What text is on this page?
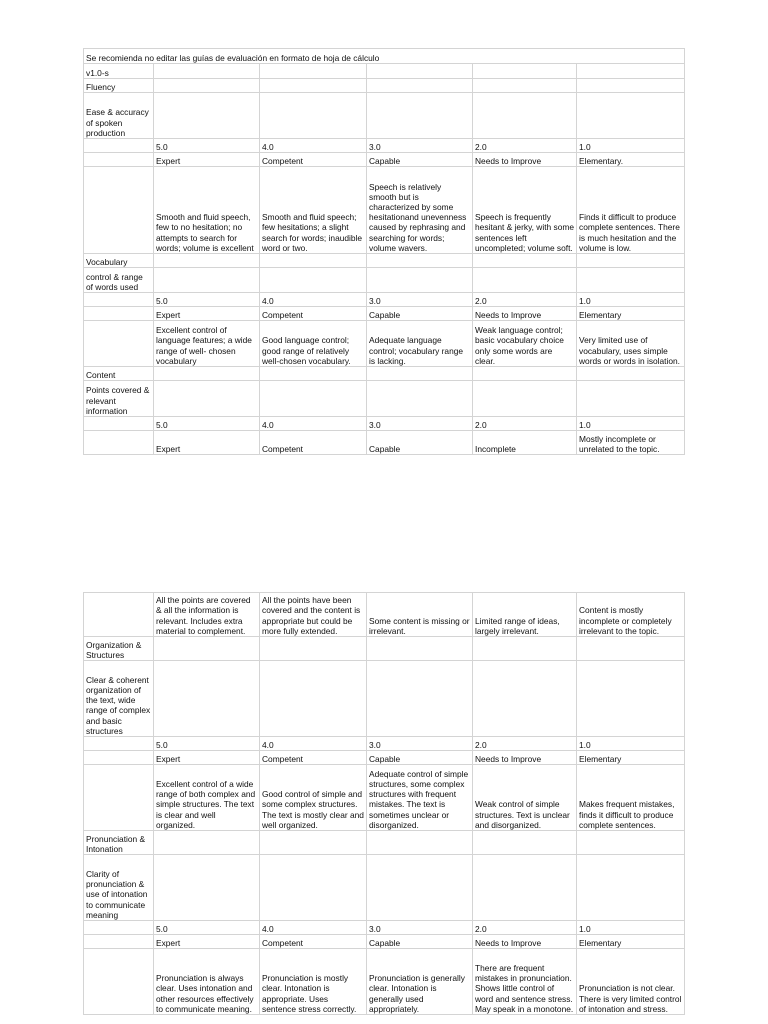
Se recomienda no editar las guías de evaluación en formato de hoja de cálculo					
v1.0-s					
Fluency					
Ease & accuracy of spoken production					
	5.0	4.0	3.0	2.0	1.0
	Expert	Competent	Capable	Needs to Improve	Elementary.
	Smooth and fluid speech, few to no hesitation; no attempts to search for words; volume is excellent	Smooth and fluid speech; few hesitations; a slight search for words; inaudible word or two.	Speech is relatively smooth but is characterized by some hesitationand unevenness caused by rephrasing and searching for words; volume wavers.	Speech is frequently hesitant & jerky, with some sentences left uncompleted; volume soft.	Finds it difficult to produce complete sentences. There is much hesitation and the volume is low.
Vocabulary					
control & range of words used					
	5.0	4.0	3.0	2.0	1.0
	Expert	Competent	Capable	Needs to Improve	Elementary
	Excellent control of language features; a wide range of well- chosen vocabulary	Good language control; good range of relatively well-chosen vocabulary.	Adequate language control; vocabulary range is lacking.	Weak language control; basic vocabulary choice only some words are clear.	Very limited use of vocabulary, uses simple words or words in isolation.
Content					
Points covered & relevant information					
	5.0	4.0	3.0	2.0	1.0
	Expert	Competent	Capable	Incomplete	Mostly incomplete or unrelated to the topic.
	All the points are covered & all the information is relevant. Includes extra material to complement.	All the points have been covered and the content is appropriate but could be more fully extended.	Some content is missing or irrelevant.	Limited range of ideas, largely irrelevant.	Content is mostly incomplete or completely irrelevant to the topic.
Organization & Structures					
Clear & coherent organization of the text, wide range of complex and basic structures					
	5.0	4.0	3.0	2.0	1.0
	Expert	Competent	Capable	Needs to Improve	Elementary
	Excellent control of a wide range of both complex and simple structures. The text is clear and well organized.	Good control of simple and some complex structures. The text is mostly clear and well organized.	Adequate control of simple structures, some complex structures with frequent mistakes. The text is sometimes unclear or disorganized.	Weak control of simple structures. Text is unclear and disorganized.	Makes frequent mistakes, finds it difficult to produce complete sentences.
Pronunciation & Intonation					
Clarity of pronunciation & use of intonation to communicate meaning					
	5.0	4.0	3.0	2.0	1.0
	Expert	Competent	Capable	Needs to Improve	Elementary
	Pronunciation is always clear. Uses intonation and other resources effectively to communicate meaning.	Pronunciation is mostly clear. Intonation is appropriate. Uses sentence stress correctly.	Pronunciation is generally clear. Intonation is generally used appropriately.	There are frequent mistakes in pronunciation. Shows little control of word and sentence stress. May speak in a monotone.	Pronunciation is not clear. There is very limited control of intonation and stress.
